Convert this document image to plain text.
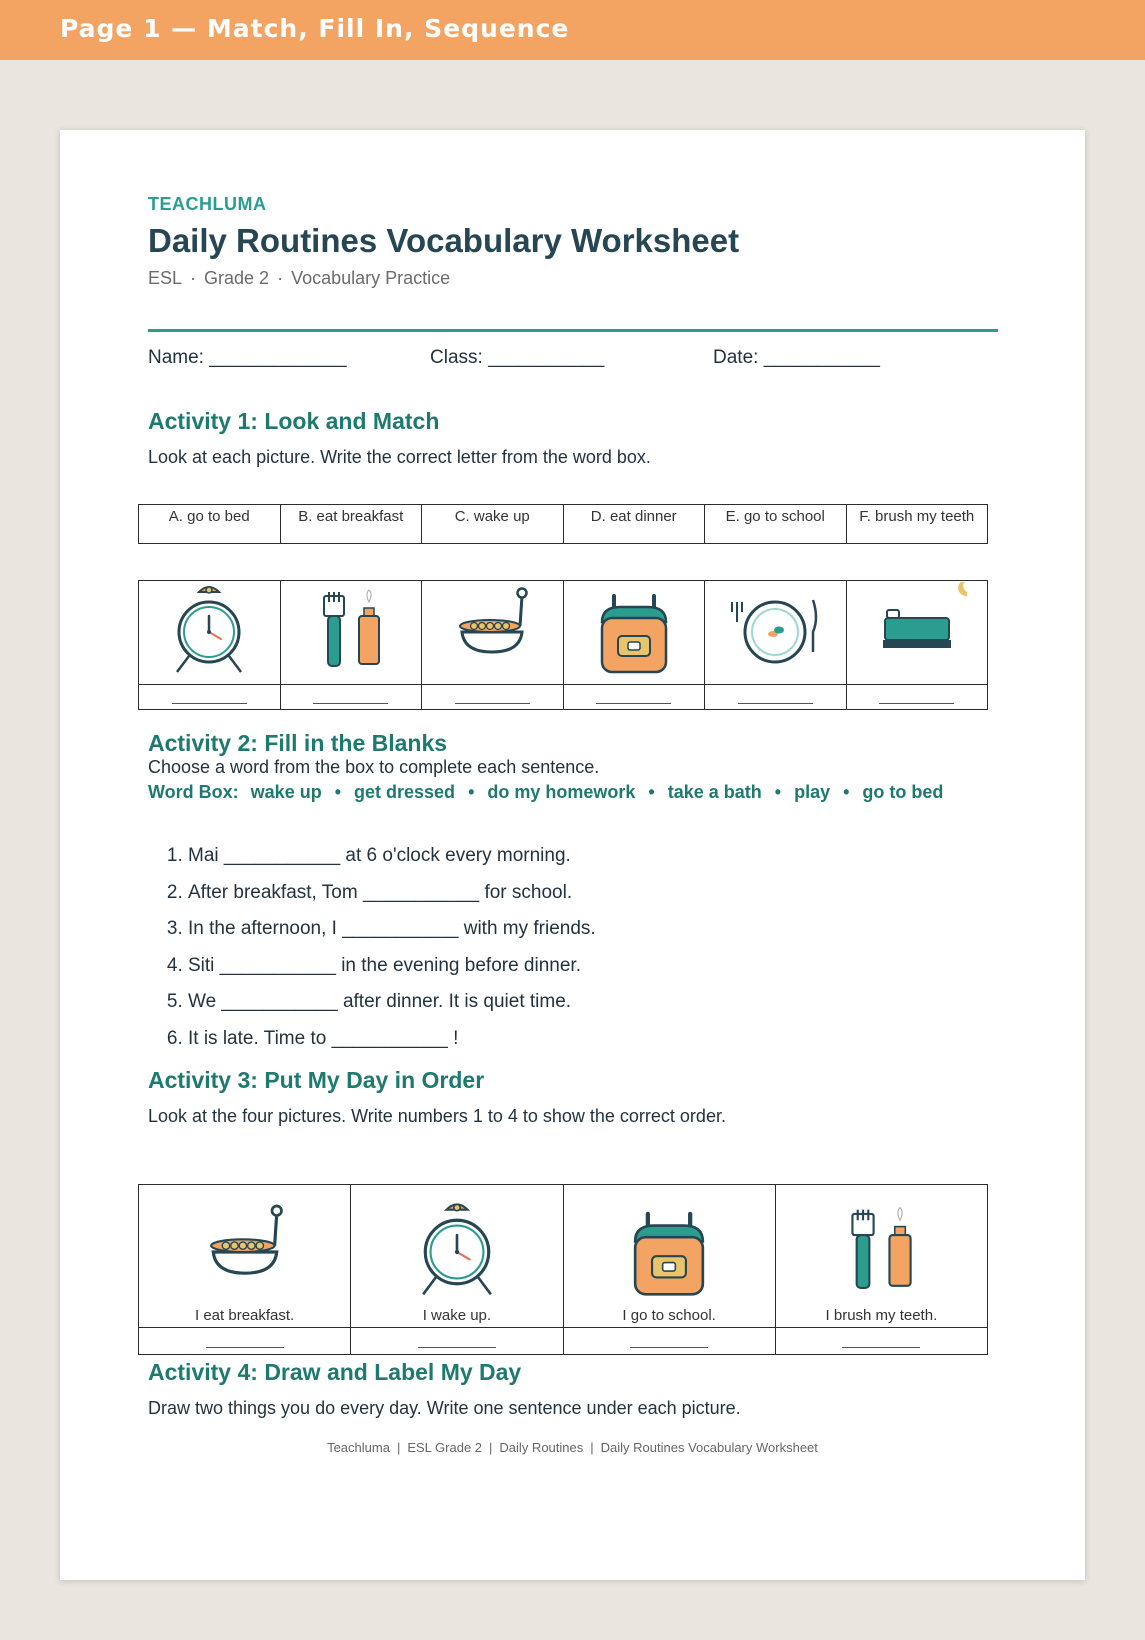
Page 1 — Match, Fill In, Sequence
TEACHLUMA
Daily Routines Vocabulary Worksheet
ESL · Grade 2 · Vocabulary Practice
Name: _____________	Class: ___________	Date: ___________
Activity 1: Look and Match
Look at each picture. Write the correct letter from the word box.
A. go to bed	B. eat breakfast	C. wake up	D. eat dinner	E. go to school	F. brush my teeth

Activity 2: Fill in the Blanks
Choose a word from the box to complete each sentence.
Word Box: wake up • get dressed • do my homework • take a bath • play • go to bed
1. Mai ___________ at 6 o'clock every morning.
2. After breakfast, Tom ___________ for school.
3. In the afternoon, I ___________ with my friends.
4. Siti ___________ in the evening before dinner.
5. We ___________ after dinner. It is quiet time.
6. It is late. Time to ___________ !
Activity 3: Put My Day in Order
Look at the four pictures. Write numbers 1 to 4 to show the correct order.
I eat breakfast.	I wake up.	I go to school.	I brush my teeth.

Activity 4: Draw and Label My Day
Draw two things you do every day. Write one sentence under each picture.
Teachluma | ESL Grade 2 | Daily Routines | Daily Routines Vocabulary Worksheet
